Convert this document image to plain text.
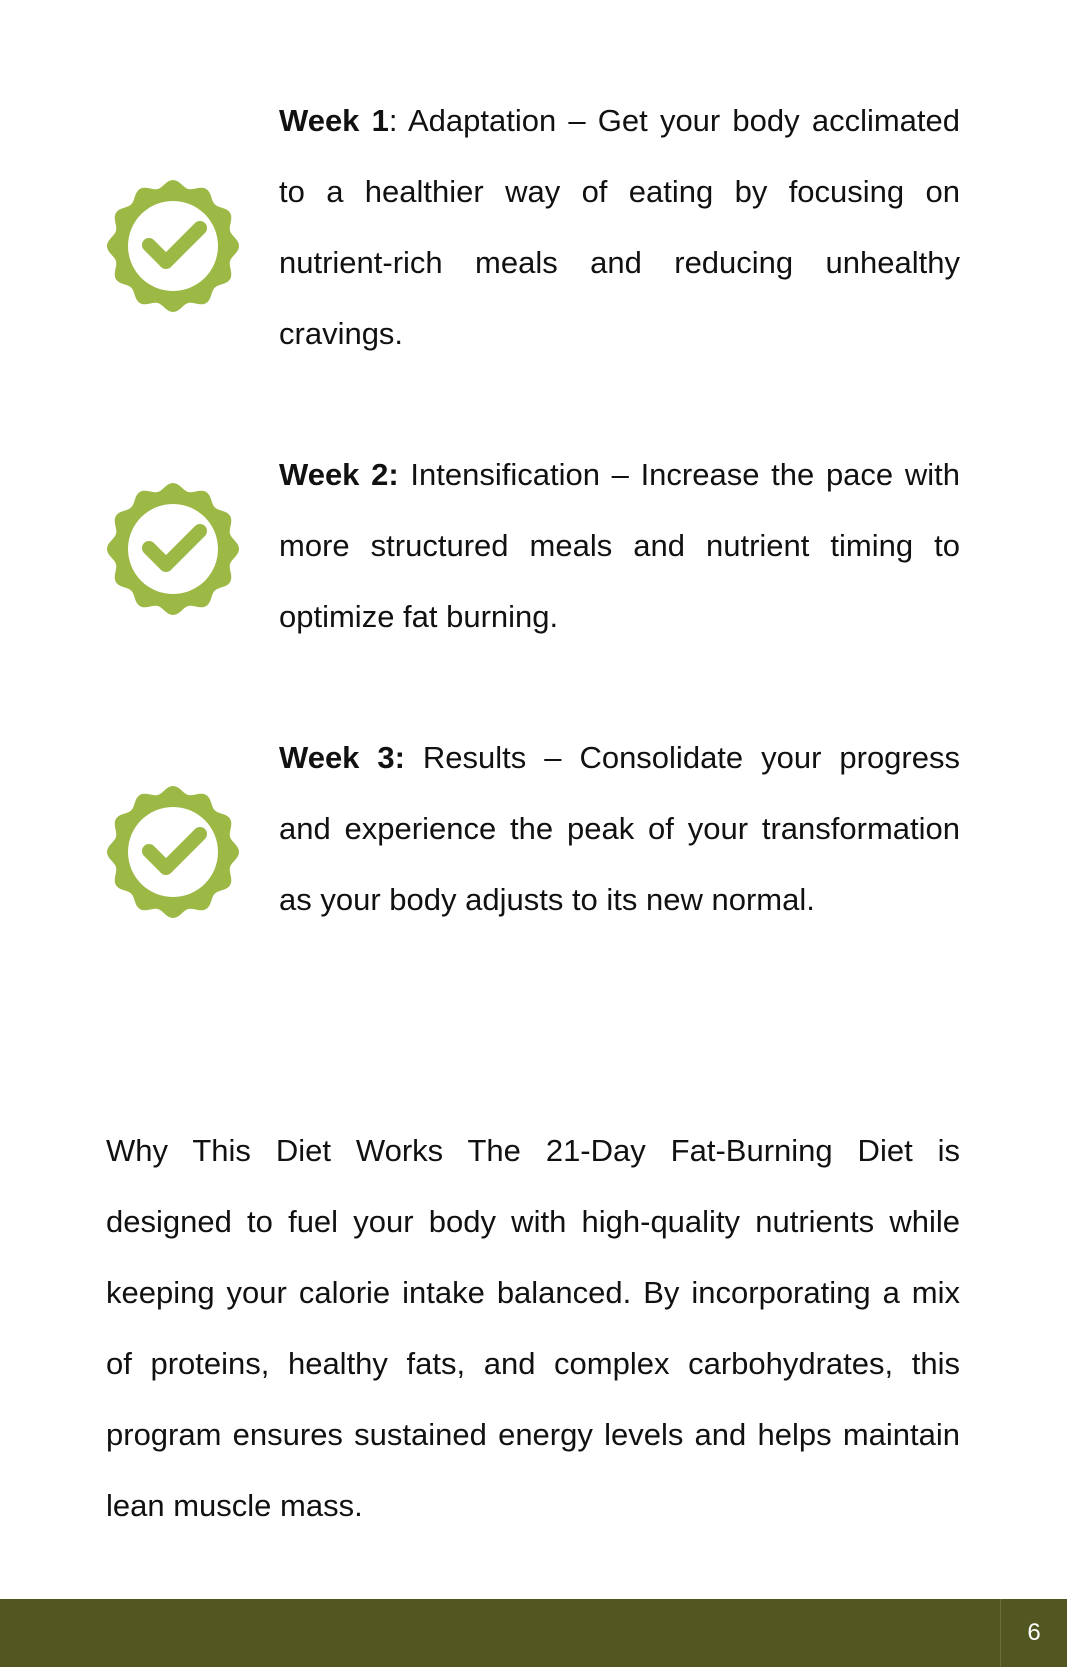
Week 1: Adaptation – Get your body acclimated to a healthier way of eating by focusing on nutrient-rich meals and reducing unhealthy cravings.

Week 2: Intensification – Increase the pace with more structured meals and nutrient timing to optimize fat burning.

Week 3: Results – Consolidate your progress and experience the peak of your transformation as your body adjusts to its new normal.

Why This Diet Works The 21-Day Fat-Burning Diet is designed to fuel your body with high-quality nutrients while keeping your calorie intake balanced. By incorporating a mix of proteins, healthy fats, and complex carbohydrates, this program ensures sustained energy levels and helps maintain lean muscle mass.

6
